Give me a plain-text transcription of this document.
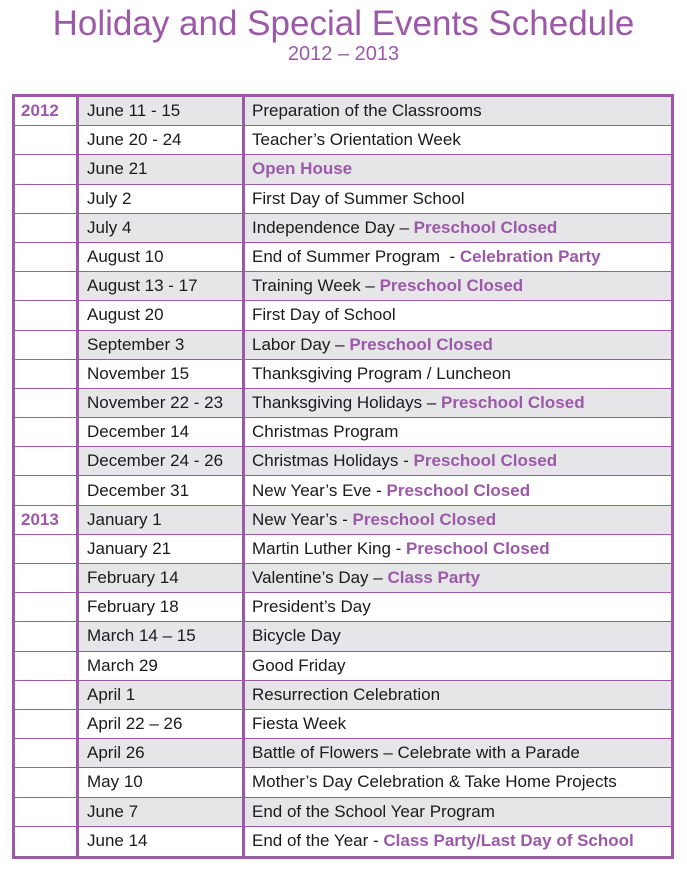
Holiday and Special Events Schedule
2012 – 2013
2012	June 11 - 15	Preparation of the Classrooms
June 20 - 24	Teacher’s Orientation Week
June 21	Open House
July 2	First Day of Summer School
July 4	Independence Day – Preschool Closed
August 10	End of Summer Program  - Celebration Party
August 13 - 17	Training Week – Preschool Closed
August 20	First Day of School
September 3	Labor Day – Preschool Closed
November 15	Thanksgiving Program / Luncheon
November 22 - 23	Thanksgiving Holidays – Preschool Closed
December 14	Christmas Program
December 24 - 26	Christmas Holidays - Preschool Closed
December 31	New Year’s Eve - Preschool Closed
2013	January 1	New Year’s - Preschool Closed
January 21	Martin Luther King - Preschool Closed
February 14	Valentine’s Day – Class Party
February 18	President’s Day
March 14 – 15	Bicycle Day
March 29	Good Friday
April 1	Resurrection Celebration
April 22 – 26	Fiesta Week
April 26	Battle of Flowers – Celebrate with a Parade
May 10	Mother’s Day Celebration & Take Home Projects
June 7	End of the School Year Program
June 14	End of the Year - Class Party/Last Day of School
